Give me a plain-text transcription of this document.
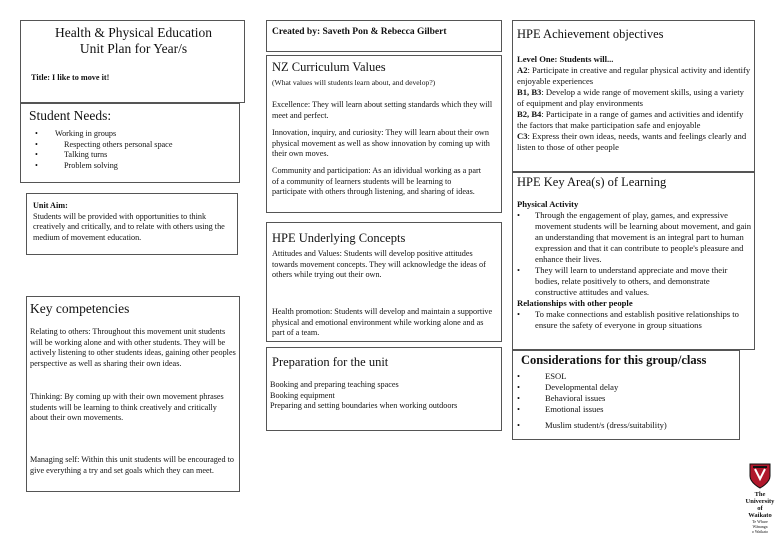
Health & Physical Education
Unit Plan for Year/s
Title: I like to move it!
Student Needs:
• Working in groups
•	Respecting others personal space
•	Talking turns
•	Problem solving
Unit Aim:
Students will be provided with opportunities to think creatively and critically, and to relate with others using the medium of movement education.
Key competencies
Relating to others: Throughout this movement unit students will be working alone and with other students. They will be actively listening to other students ideas, gaining other peoples perspective as well as sharing their own ideas.
Thinking: By coming up with their own movement phrases students will be learning to think creatively and critically about their own movements.
Managing self: Within this unit students will be encouraged to give everything a try and set goals which they can meet.
Created by: Saveth Pon & Rebecca Gilbert
NZ Curriculum Values
(What values will students learn about, and develop?)
Excellence: They will learn about setting standards which they will meet and perfect.
Innovation, inquiry, and curiosity: They will learn about their own physical movement as well as show innovation by coming up with their own moves.
Community and participation: As an idividual working as a part of a community of learners students will be learning to participate with others through listening, and sharing of ideas.
HPE Underlying Concepts
Attitudes and Values: Students will develop positive attitudes towards movement concepts. They will acknowledge the ideas of others while trying out their own.
Health promotion: Students will develop and maintain a supportive physical and emotional environment while working alone and as part of a team.
Preparation for the unit
Booking and preparing teaching spaces
Booking equipment
Preparing and setting boundaries when working outdoors
HPE Achievement objectives
Level One: Students will...
A2: Participate in creative and regular physical activity and identify enjoyable experiences
B1, B3: Develop a wide range of movement skills, using a variety of equipment and play environments
B2, B4: Participate in a range of games and activities and identify the factors that make participation safe and enjoyable
C3: Express their own ideas, needs, wants and feelings clearly and listen to those of other people
HPE Key Area(s) of Learning
Physical Activity
• Through the engagement of play, games, and expressive movement students will be learning about movement, and gain an understanding that movement is an integral part to human expression and that it can contribute to people's pleasure and enhance their lives.
• They will learn to understand appreciate and move their bodies, relate positively to others, and demonstrate constructive attitudes and values.
Relationships with other people
• To make connections and establish positive relationships to ensure the safety of everyone in group situations
Considerations for this group/class
•	ESOL
•	Developmental delay
•	Behavioral issues
•	Emotional issues
•	Muslim student/s (dress/suitability)
The
University
of Waikato
Te Whare Wānanga
o Waikato
